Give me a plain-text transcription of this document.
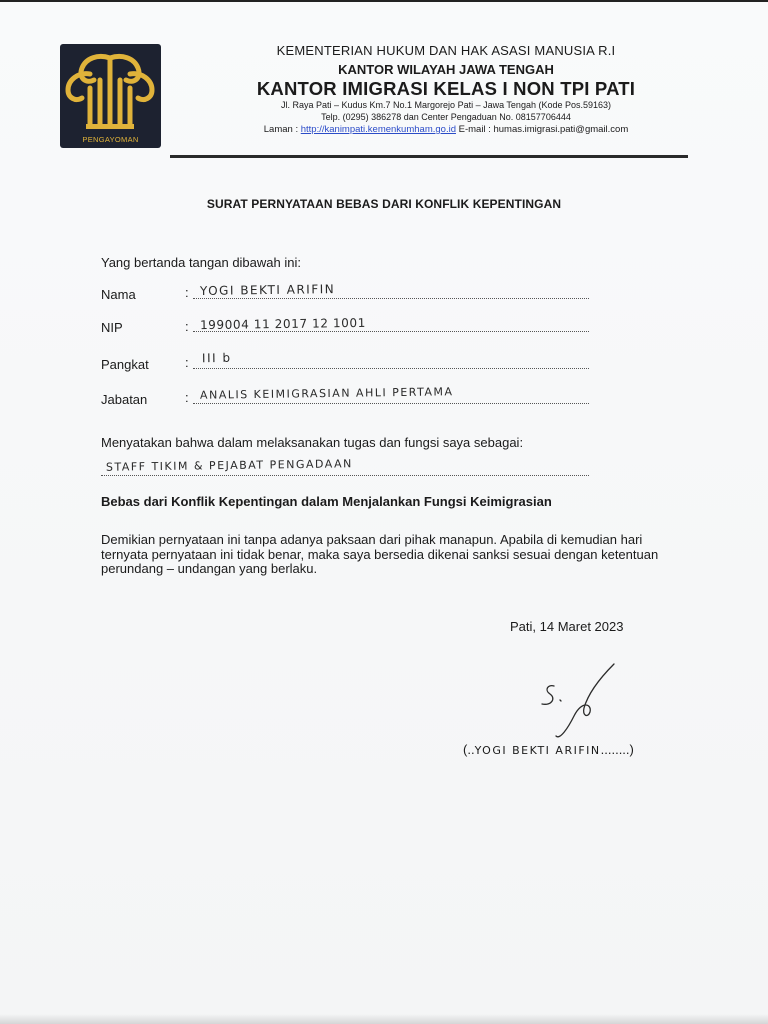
PENGAYOMAN
KEMENTERIAN HUKUM DAN HAK ASASI MANUSIA R.I
KANTOR WILAYAH JAWA TENGAH
KANTOR IMIGRASI KELAS I NON TPI PATI
Jl. Raya Pati – Kudus Km.7 No.1 Margorejo Pati – Jawa Tengah (Kode Pos.59163)
Telp. (0295) 386278 dan Center Pengaduan No. 08157706444
Laman : http://kanimpati.kemenkumham.go.id E-mail : humas.imigrasi.pati@gmail.com
SURAT PERNYATAAN BEBAS DARI KONFLIK KEPENTINGAN
Yang bertanda tangan dibawah ini:
Nama	: YOGI BEKTI ARIFIN
NIP	: 199004 11 2017 12 1001
Pangkat	: III b
Jabatan	: ANALIS KEIMIGRASIAN AHLI PERTAMA
Menyatakan bahwa dalam melaksanakan tugas dan fungsi saya sebagai:
STAFF TIKIM & PEJABAT PENGADAAN
Bebas dari Konflik Kepentingan dalam Menjalankan Fungsi Keimigrasian
Demikian pernyataan ini tanpa adanya paksaan dari pihak manapun. Apabila di kemudian hari ternyata pernyataan ini tidak benar, maka saya bersedia dikenai sanksi sesuai dengan ketentuan perundang – undangan yang berlaku.
Pati, 14 Maret 2023
(..YOGI BEKTI ARIFIN........)
